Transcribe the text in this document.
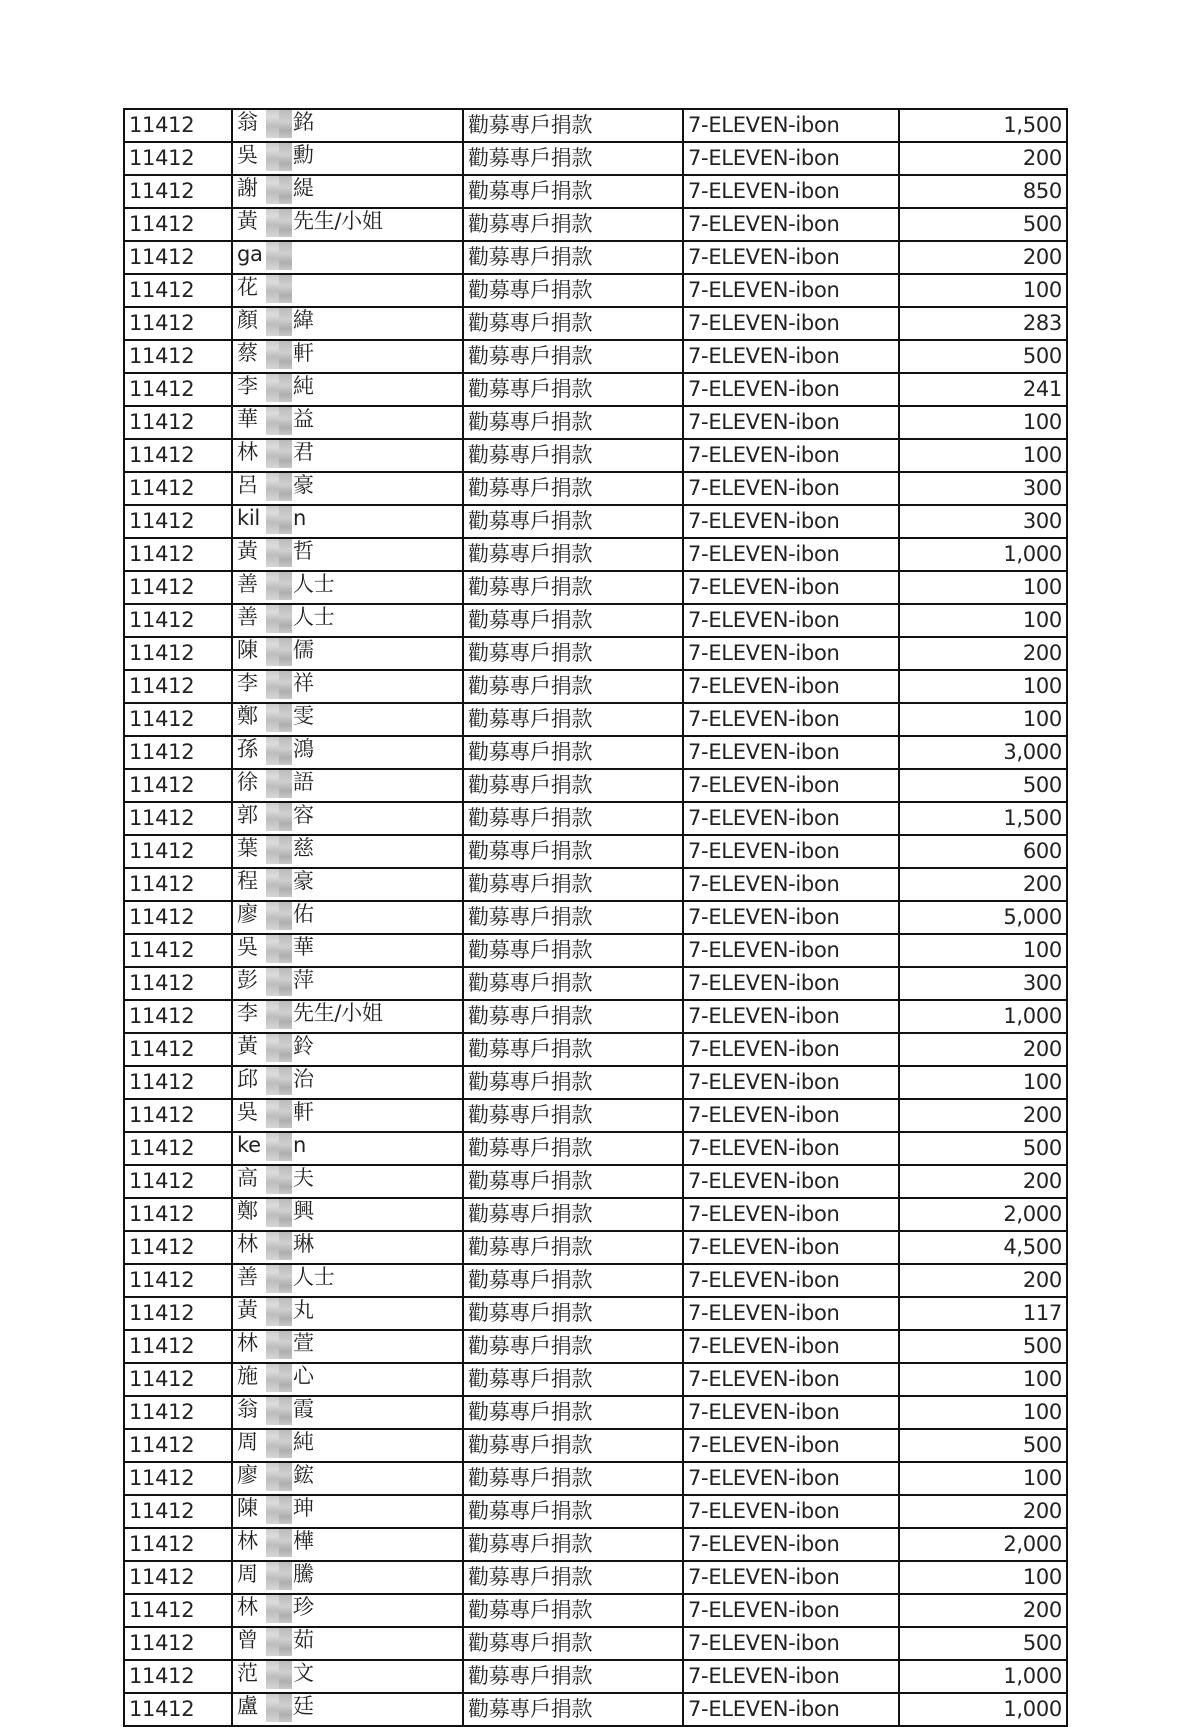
11412	翁 銘	勸募專戶捐款	7-ELEVEN-ibon	1,500
11412	吳 勳	勸募專戶捐款	7-ELEVEN-ibon	200
11412	謝 緹	勸募專戶捐款	7-ELEVEN-ibon	850
11412	黃 先生/小姐	勸募專戶捐款	7-ELEVEN-ibon	500
11412	ga	勸募專戶捐款	7-ELEVEN-ibon	200
11412	花	勸募專戶捐款	7-ELEVEN-ibon	100
11412	顏 緯	勸募專戶捐款	7-ELEVEN-ibon	283
11412	蔡 軒	勸募專戶捐款	7-ELEVEN-ibon	500
11412	李 純	勸募專戶捐款	7-ELEVEN-ibon	241
11412	華 益	勸募專戶捐款	7-ELEVEN-ibon	100
11412	林 君	勸募專戶捐款	7-ELEVEN-ibon	100
11412	呂 豪	勸募專戶捐款	7-ELEVEN-ibon	300
11412	kil n	勸募專戶捐款	7-ELEVEN-ibon	300
11412	黃 哲	勸募專戶捐款	7-ELEVEN-ibon	1,000
11412	善 人士	勸募專戶捐款	7-ELEVEN-ibon	100
11412	善 人士	勸募專戶捐款	7-ELEVEN-ibon	100
11412	陳 儒	勸募專戶捐款	7-ELEVEN-ibon	200
11412	李 祥	勸募專戶捐款	7-ELEVEN-ibon	100
11412	鄭 雯	勸募專戶捐款	7-ELEVEN-ibon	100
11412	孫 鴻	勸募專戶捐款	7-ELEVEN-ibon	3,000
11412	徐 語	勸募專戶捐款	7-ELEVEN-ibon	500
11412	郭 容	勸募專戶捐款	7-ELEVEN-ibon	1,500
11412	葉 慈	勸募專戶捐款	7-ELEVEN-ibon	600
11412	程 豪	勸募專戶捐款	7-ELEVEN-ibon	200
11412	廖 佑	勸募專戶捐款	7-ELEVEN-ibon	5,000
11412	吳 華	勸募專戶捐款	7-ELEVEN-ibon	100
11412	彭 萍	勸募專戶捐款	7-ELEVEN-ibon	300
11412	李 先生/小姐	勸募專戶捐款	7-ELEVEN-ibon	1,000
11412	黃 鈴	勸募專戶捐款	7-ELEVEN-ibon	200
11412	邱 治	勸募專戶捐款	7-ELEVEN-ibon	100
11412	吳 軒	勸募專戶捐款	7-ELEVEN-ibon	200
11412	ke n	勸募專戶捐款	7-ELEVEN-ibon	500
11412	高 夫	勸募專戶捐款	7-ELEVEN-ibon	200
11412	鄭 興	勸募專戶捐款	7-ELEVEN-ibon	2,000
11412	林 琳	勸募專戶捐款	7-ELEVEN-ibon	4,500
11412	善 人士	勸募專戶捐款	7-ELEVEN-ibon	200
11412	黃 丸	勸募專戶捐款	7-ELEVEN-ibon	117
11412	林 萱	勸募專戶捐款	7-ELEVEN-ibon	500
11412	施 心	勸募專戶捐款	7-ELEVEN-ibon	100
11412	翁 霞	勸募專戶捐款	7-ELEVEN-ibon	100
11412	周 純	勸募專戶捐款	7-ELEVEN-ibon	500
11412	廖 鋐	勸募專戶捐款	7-ELEVEN-ibon	100
11412	陳 珅	勸募專戶捐款	7-ELEVEN-ibon	200
11412	林 樺	勸募專戶捐款	7-ELEVEN-ibon	2,000
11412	周 騰	勸募專戶捐款	7-ELEVEN-ibon	100
11412	林 珍	勸募專戶捐款	7-ELEVEN-ibon	200
11412	曾 茹	勸募專戶捐款	7-ELEVEN-ibon	500
11412	范 文	勸募專戶捐款	7-ELEVEN-ibon	1,000
11412	盧 廷	勸募專戶捐款	7-ELEVEN-ibon	1,000
